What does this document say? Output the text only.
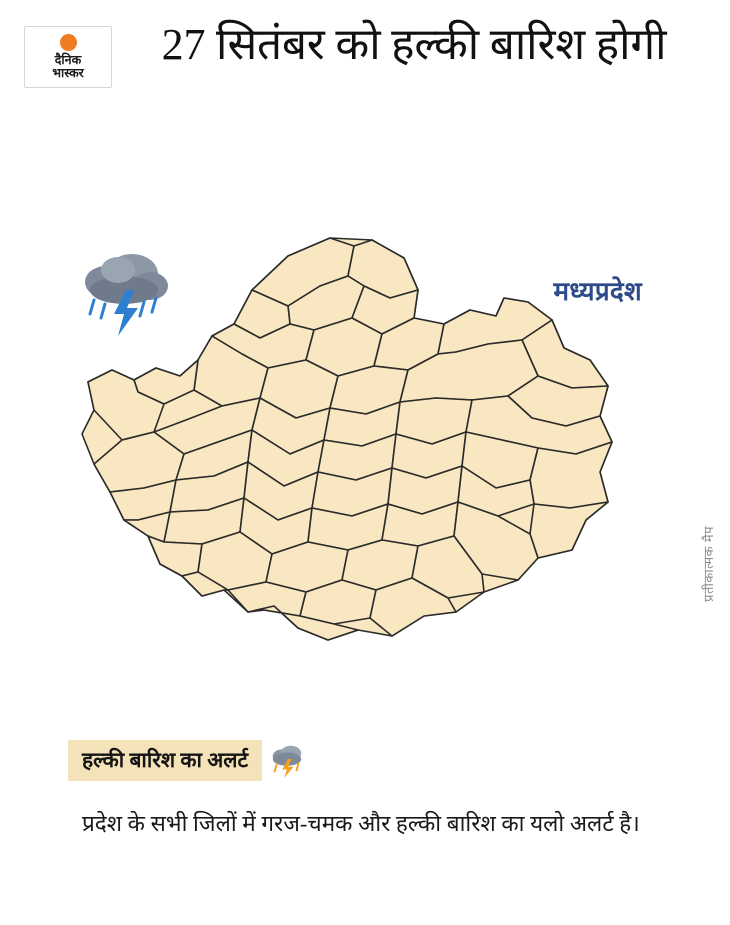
दैनिक
भास्कर
27 सितंबर को हल्की बारिश होगी
मध्यप्रदेश
प्रतीकात्मक मैप
हल्की बारिश का अलर्ट
प्रदेश के सभी जिलों में गरज-चमक और हल्की बारिश का यलो अलर्ट है।
